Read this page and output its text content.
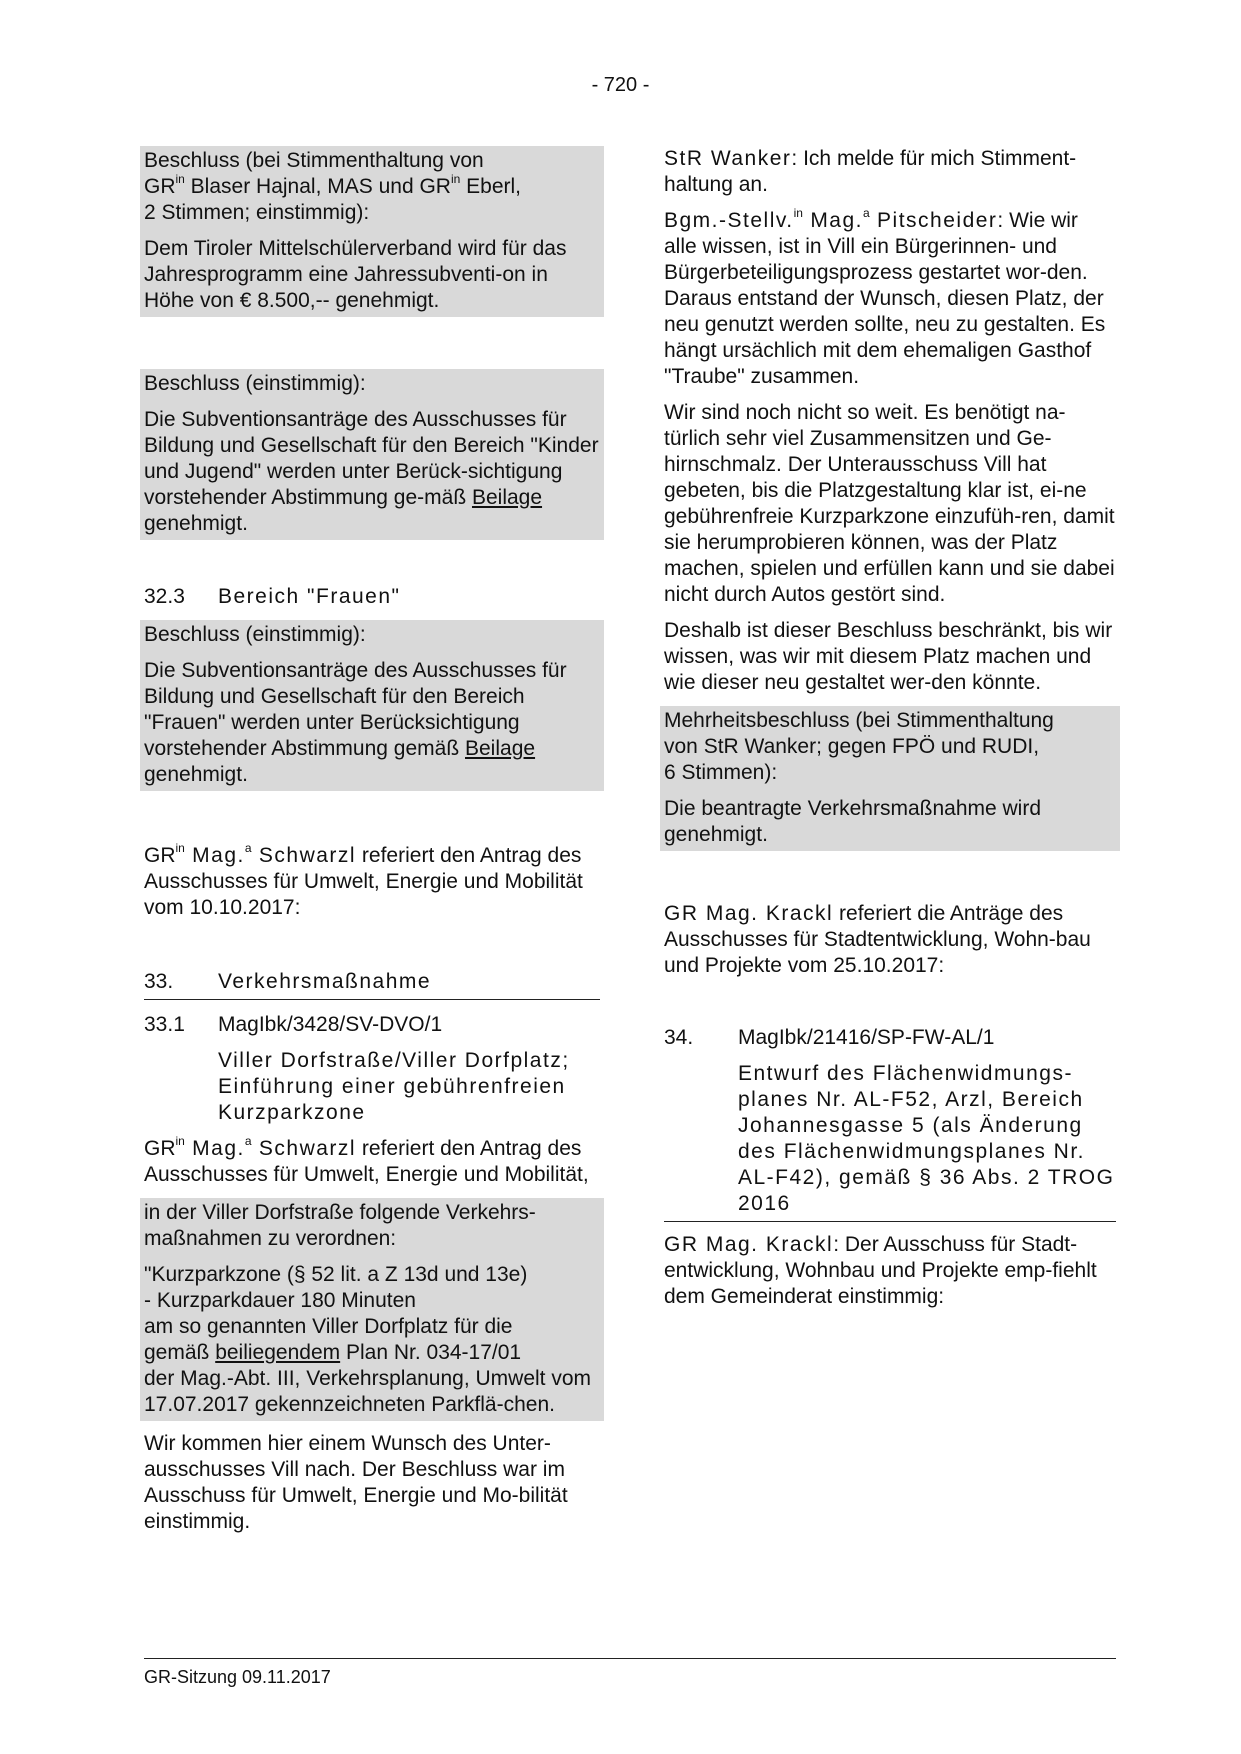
- 720 -

Beschluss (bei Stimmenthaltung von
$GR^{in}$ Blaser Hajnal, MAS und $GR^{in}$ Eberl,
2 Stimmen; einstimmig):

Dem Tiroler Mittelschülerverband wird für das Jahresprogramm eine Jahressubventi-on in Höhe von € 8.500,-- genehmigt.

Beschluss (einstimmig):

Die Subventionsanträge des Ausschusses für Bildung und Gesellschaft für den Bereich "Kinder und Jugend" werden unter Berück-sichtigung vorstehender Abstimmung ge-mäß Beilage genehmigt.

32.3	Bereich "Frauen"

Beschluss (einstimmig):

Die Subventionsanträge des Ausschusses für Bildung und Gesellschaft für den Bereich "Frauen" werden unter Berücksichtigung vorstehender Abstimmung gemäß Beilage genehmigt.

$GR^{in}$ Mag.$^a$ Schwarzl referiert den Antrag des Ausschusses für Umwelt, Energie und Mobilität vom 10.10.2017:

33.	Verkehrsmaßnahme
33.1	MagIbk/3428/SV-DVO/1

Viller Dorfstraße/Viller Dorfplatz; Einführung einer gebührenfreien Kurzparkzone

$GR^{in}$ Mag.$^a$ Schwarzl referiert den Antrag des Ausschusses für Umwelt, Energie und Mobilität,

in der Viller Dorfstraße folgende Verkehrs-maßnahmen zu verordnen:

"Kurzparkzone (§ 52 lit. a Z 13d und 13e)
- Kurzparkdauer 180 Minuten
am so genannten Viller Dorfplatz für die
gemäß beiliegendem Plan Nr. 034-17/01
der Mag.-Abt. III, Verkehrsplanung, Umwelt vom 17.07.2017 gekennzeichneten Parkflä-chen.

Wir kommen hier einem Wunsch des Unter-ausschusses Vill nach. Der Beschluss war im Ausschuss für Umwelt, Energie und Mo-bilität einstimmig.

StR Wanker: Ich melde für mich Stimment-haltung an.

Bgm.-Stellv.$^{in}$ Mag.$^a$ Pitscheider: Wie wir alle wissen, ist in Vill ein Bürgerinnen- und Bürgerbeteiligungsprozess gestartet wor-den. Daraus entstand der Wunsch, diesen Platz, der neu genutzt werden sollte, neu zu gestalten. Es hängt ursächlich mit dem ehemaligen Gasthof "Traube" zusammen.

Wir sind noch nicht so weit. Es benötigt na-türlich sehr viel Zusammensitzen und Ge-hirnschmalz. Der Unterausschuss Vill hat gebeten, bis die Platzgestaltung klar ist, ei-ne gebührenfreie Kurzparkzone einzufüh-ren, damit sie herumprobieren können, was der Platz machen, spielen und erfüllen kann und sie dabei nicht durch Autos gestört sind.

Deshalb ist dieser Beschluss beschränkt, bis wir wissen, was wir mit diesem Platz machen und wie dieser neu gestaltet wer-den könnte.

Mehrheitsbeschluss (bei Stimmenthaltung
von StR Wanker; gegen FPÖ und RUDI,
6 Stimmen):

Die beantragte Verkehrsmaßnahme wird genehmigt.

GR Mag. Krackl referiert die Anträge des Ausschusses für Stadtentwicklung, Wohn-bau und Projekte vom 25.10.2017:

34.	MagIbk/21416/SP-FW-AL/1

Entwurf des Flächenwidmungs-planes Nr. AL-F52, Arzl, Bereich Johannesgasse 5 (als Änderung des Flächenwidmungsplanes Nr. AL-F42), gemäß § 36 Abs. 2 TROG 2016

GR Mag. Krackl: Der Ausschuss für Stadt-entwicklung, Wohnbau und Projekte emp-fiehlt dem Gemeinderat einstimmig:

GR-Sitzung 09.11.2017
